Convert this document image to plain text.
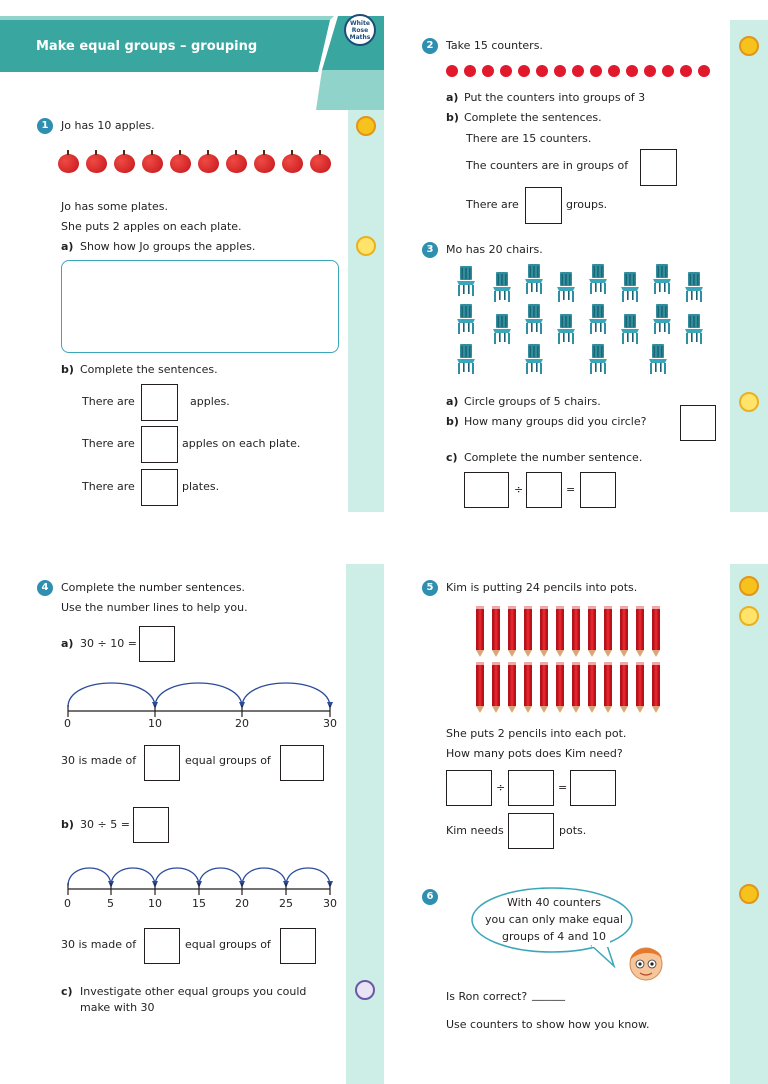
Make equal groups – grouping
White
Rose
Maths
1	Jo has 10 apples.
Jo has some plates.
She puts 2 apples on each plate.
a) Show how Jo groups the apples.
b) Complete the sentences.
There are	apples.
There are	apples on each plate.
There are	plates.
2	Take 15 counters.
a) Put the counters into groups of 3
b) Complete the sentences.
There are 15 counters.
The counters are in groups of
There are	groups.
3	Mo has 20 chairs.
a) Circle groups of 5 chairs.
b) How many groups did you circle?
c) Complete the number sentence.
÷	=
4	Complete the number sentences.
Use the number lines to help you.
a) 30 ÷ 10 =
0	10	20	30
30 is made of	equal groups of
b) 30 ÷ 5 =
0	5	10	15	20	25	30
30 is made of	equal groups of
c) Investigate other equal groups you could
make with 30
5	Kim is putting 24 pencils into pots.
She puts 2 pencils into each pot.
How many pots does Kim need?
÷	=
Kim needs	pots.
6	With 40 counters
you can only make equal
groups of 4 and 10
Is Ron correct? ______
Use counters to show how you know.
